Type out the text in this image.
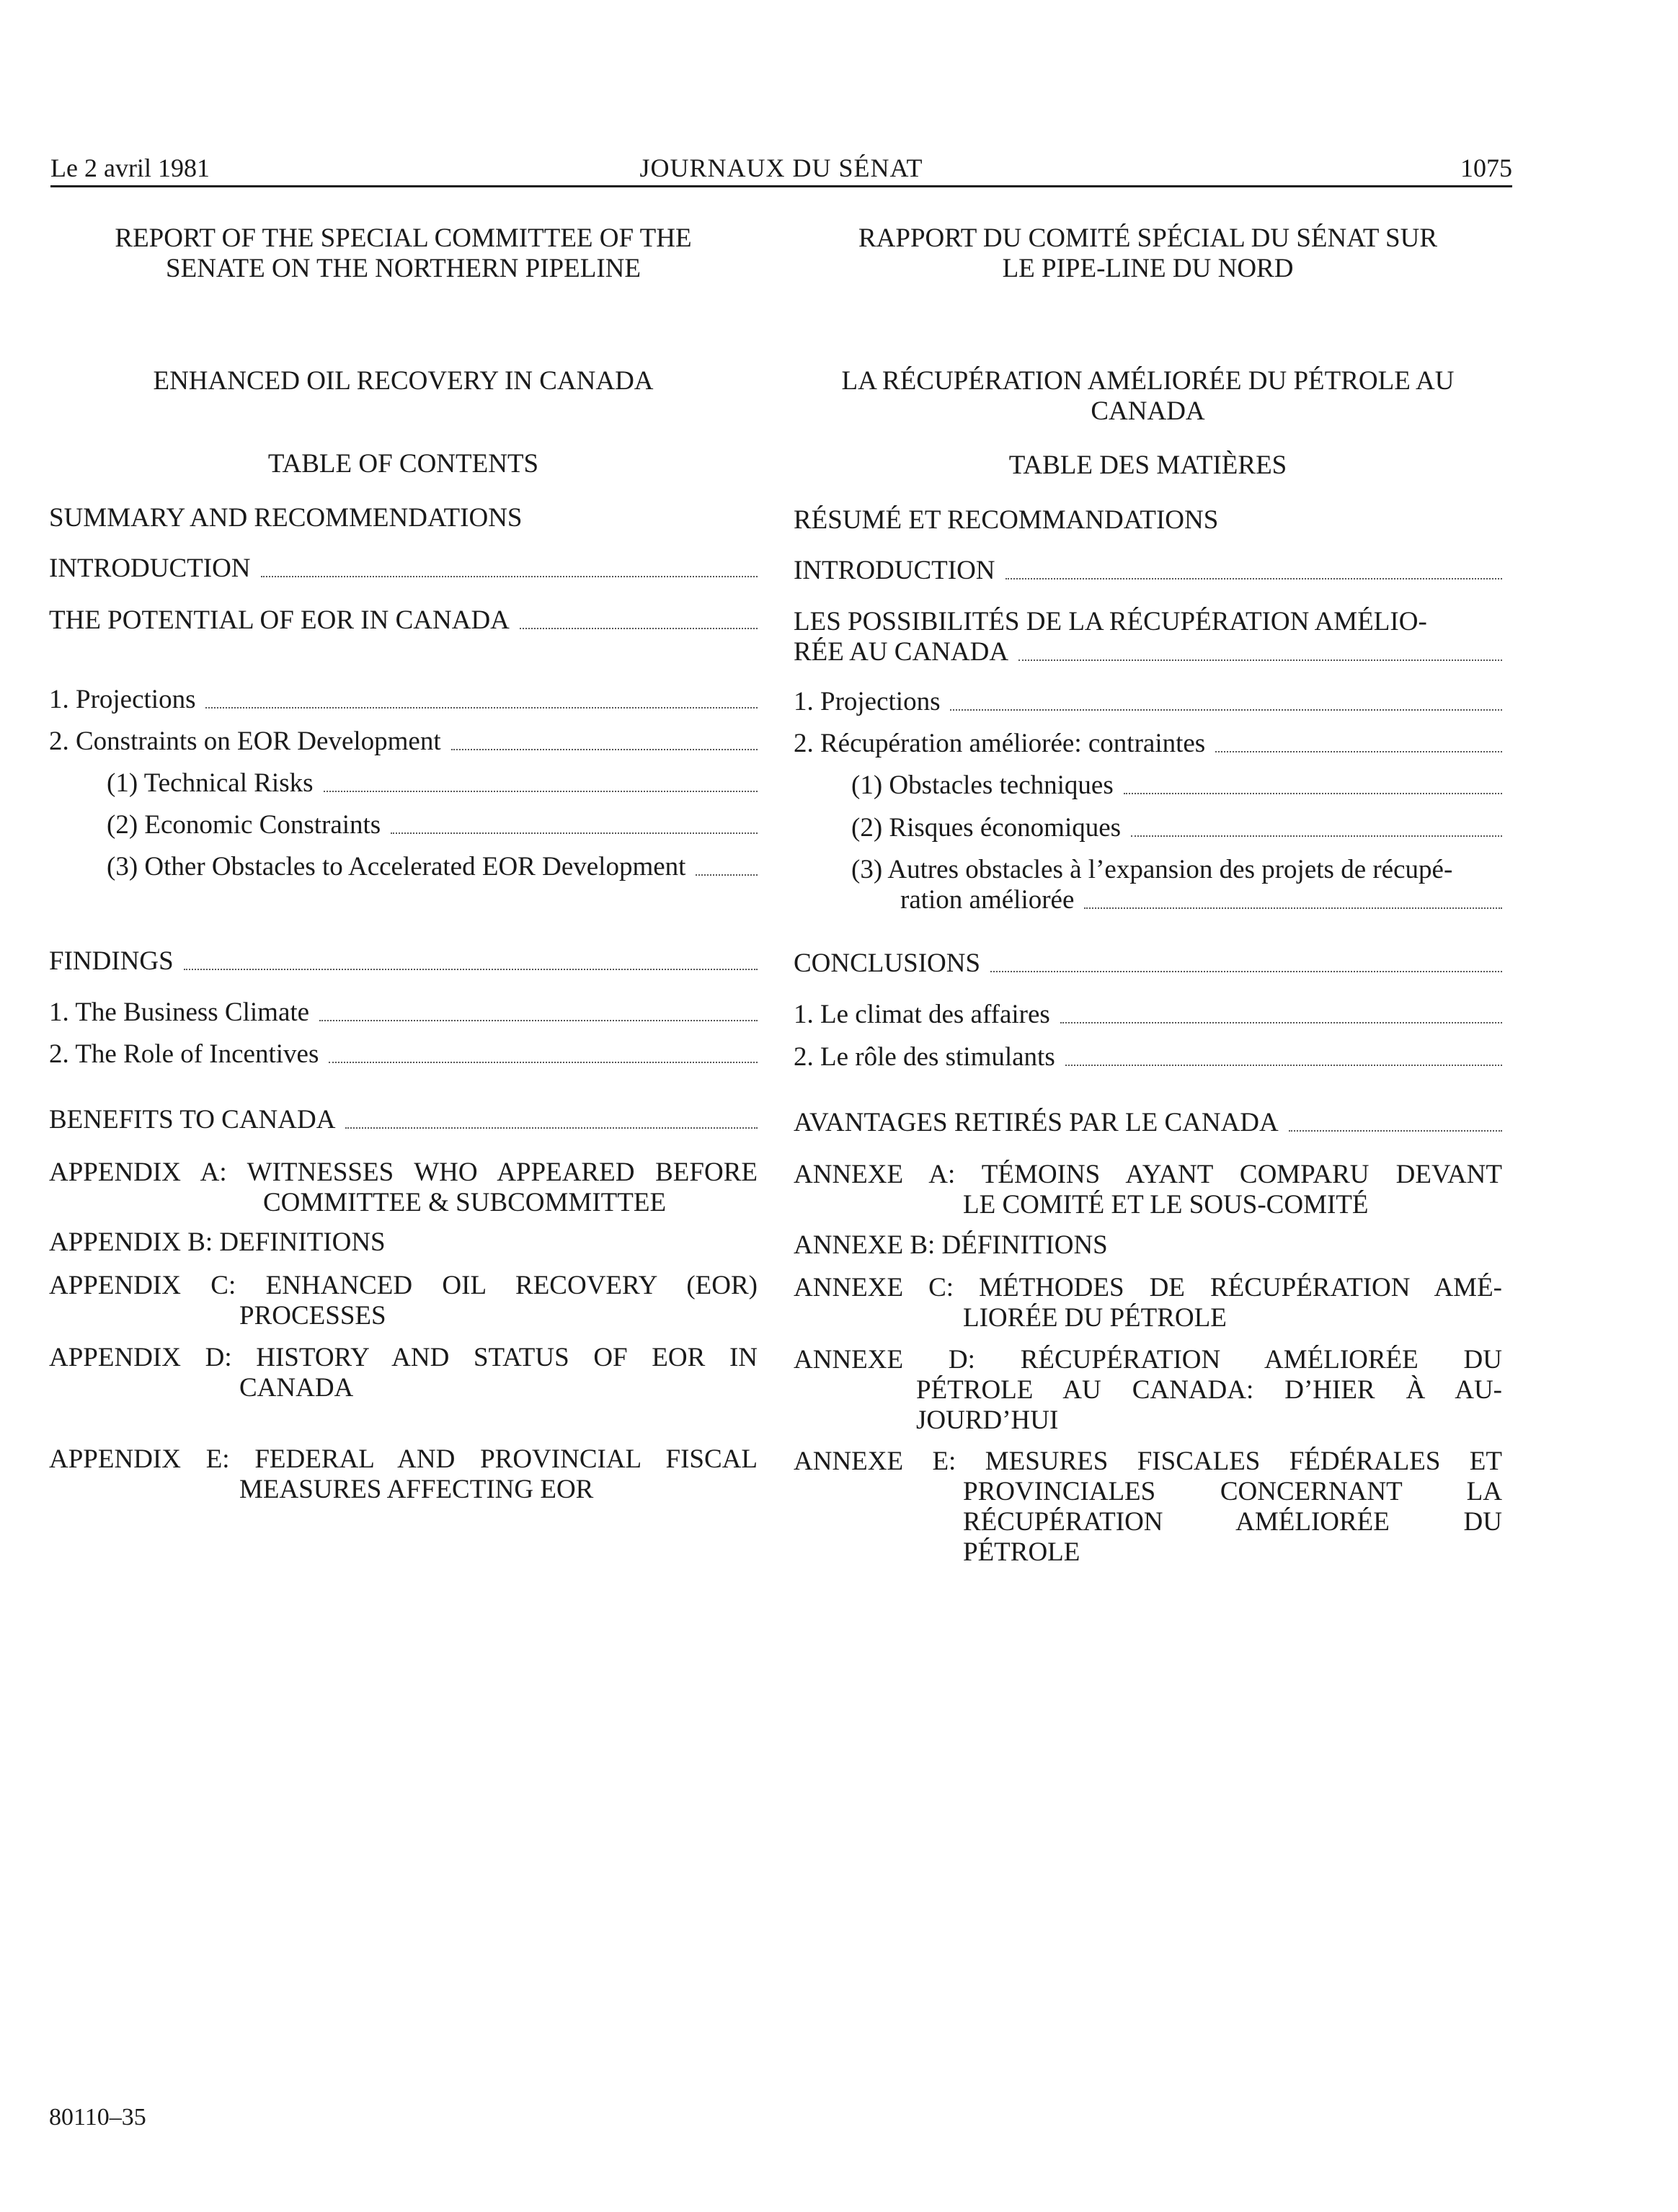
Le 2 avril 1981	JOURNAUX DU SÉNAT	1075
REPORT OF THE SPECIAL COMMITTEE OF THE
SENATE ON THE NORTHERN PIPELINE
ENHANCED OIL RECOVERY IN CANADA
TABLE OF CONTENTS
SUMMARY AND RECOMMENDATIONS
INTRODUCTION
THE POTENTIAL OF EOR IN CANADA
1. Projections
2. Constraints on EOR Development
(1) Technical Risks
(2) Economic Constraints
(3) Other Obstacles to Accelerated EOR Development
FINDINGS
1. The Business Climate
2. The Role of Incentives
BENEFITS TO CANADA
APPENDIX A: WITNESSES WHO APPEARED BEFORE
COMMITTEE & SUBCOMMITTEE
APPENDIX B: DEFINITIONS
APPENDIX C: ENHANCED OIL RECOVERY (EOR)
PROCESSES
APPENDIX D: HISTORY AND STATUS OF EOR IN
CANADA
APPENDIX E: FEDERAL AND PROVINCIAL FISCAL
MEASURES AFFECTING EOR
RAPPORT DU COMITÉ SPÉCIAL DU SÉNAT SUR
LE PIPE-LINE DU NORD
LA RÉCUPÉRATION AMÉLIORÉE DU PÉTROLE AU
CANADA
TABLE DES MATIÈRES
RÉSUMÉ ET RECOMMANDATIONS
INTRODUCTION
LES POSSIBILITÉS DE LA RÉCUPÉRATION AMÉLIO-
RÉE AU CANADA
1. Projections
2. Récupération améliorée: contraintes
(1) Obstacles techniques
(2) Risques économiques
(3) Autres obstacles à l’expansion des projets de récupé-
ration améliorée
CONCLUSIONS
1. Le climat des affaires
2. Le rôle des stimulants
AVANTAGES RETIRÉS PAR LE CANADA
ANNEXE A: TÉMOINS AYANT COMPARU DEVANT
LE COMITÉ ET LE SOUS-COMITÉ
ANNEXE B: DÉFINITIONS
ANNEXE C: MÉTHODES DE RÉCUPÉRATION AMÉ-
LIORÉE DU PÉTROLE
ANNEXE D: RÉCUPÉRATION AMÉLIORÉE DU
PÉTROLE AU CANADA: D’HIER À AU-
JOURD’HUI
ANNEXE E: MESURES FISCALES FÉDÉRALES ET
PROVINCIALES CONCERNANT LA
RÉCUPÉRATION AMÉLIORÉE DU
PÉTROLE
80110–35
